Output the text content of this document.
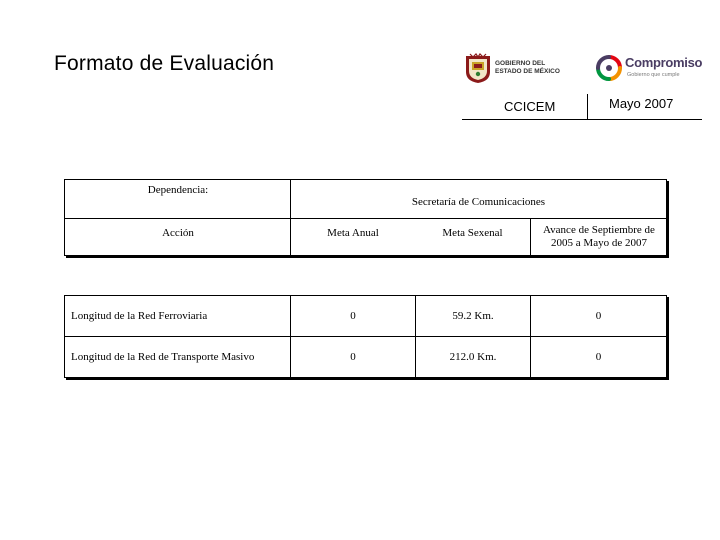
Formato de Evaluación	GOBIERNO DEL
ESTADO DE MÉXICO
Compromiso
Gobierno que cumple
CCICEM	Mayo 2007
Dependencia:
Secretaría de Comunicaciones
Acción	Meta Anual	Meta Sexenal	Avance de Septiembre de 2005 a Mayo de 2007
Longitud de la Red Ferroviaria	0	59.2 Km.	0
Longitud de la Red de Transporte Masivo	0	212.0 Km.	0
